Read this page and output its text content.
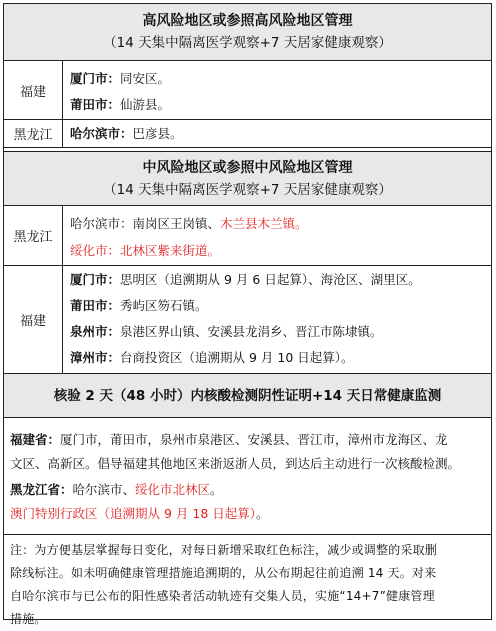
高风险地区或参照高风险地区管理
（14 天集中隔离医学观察+7 天居家健康观察）
福建
厦门市：同安区。
莆田市：仙游县。
黑龙江	哈尔滨市：巴彦县。
中风险地区或参照中风险地区管理
（14 天集中隔离医学观察+7 天居家健康观察）
黑龙江
哈尔滨市：南岗区王岗镇、木兰县木兰镇。
绥化市：北林区紫来街道。
福建
厦门市：思明区（追溯期从 9 月 6 日起算）、海沧区、湖里区。
莆田市：秀屿区笏石镇。
泉州市：泉港区界山镇、安溪县龙涓乡、晋江市陈埭镇。
漳州市：台商投资区（追溯期从 9 月 10 日起算）。
核验 2 天（48 小时）内核酸检测阴性证明+14 天日常健康监测
福建省：厦门市，莆田市，泉州市泉港区、安溪县、晋江市，漳州市龙海区、龙
文区、高新区。倡导福建其他地区来浙返浙人员，到达后主动进行一次核酸检测。
黑龙江省：哈尔滨市、绥化市北林区。
澳门特别行政区（追溯期从 9 月 18 日起算）。
注：为方便基层掌握每日变化，对每日新增采取红色标注，减少或调整的采取删
除线标注。如未明确健康管理措施追溯期的，从公布期起往前追溯 14 天。对来
自哈尔滨市与已公布的阳性感染者活动轨迹有交集人员，实施“14+7”健康管理
措施。
